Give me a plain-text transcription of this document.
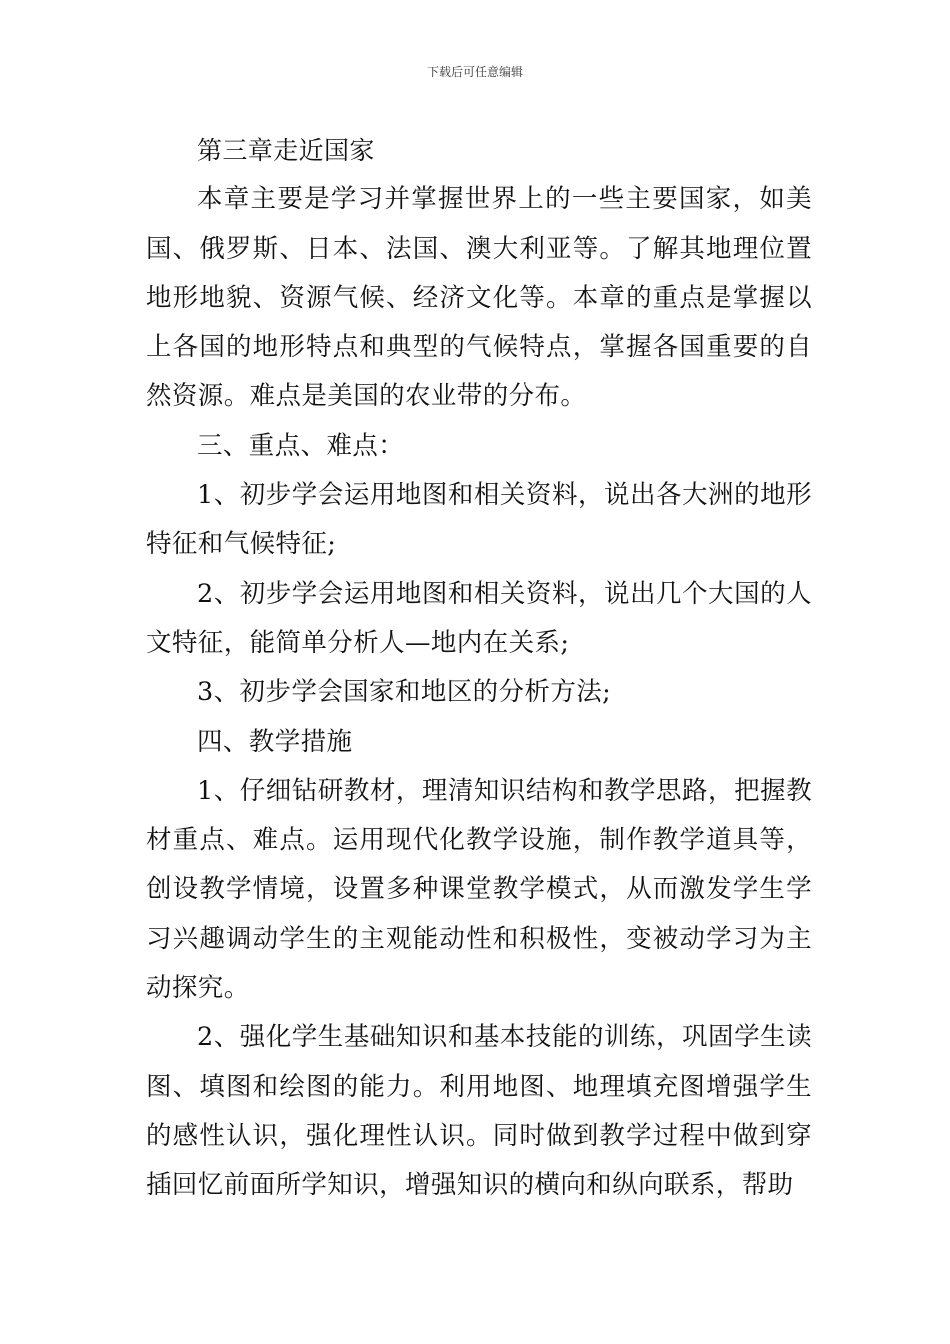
下载后可任意编辑

第三章走近国家

本章主要是学习并掌握世界上的一些主要国家，如美国、俄罗斯、日本、法国、澳大利亚等。了解其地理位置地形地貌、资源气候、经济文化等。本章的重点是掌握以上各国的地形特点和典型的气候特点，掌握各国重要的自然资源。难点是美国的农业带的分布。

三、重点、难点：

1、初步学会运用地图和相关资料，说出各大洲的地形特征和气候特征;

2、初步学会运用地图和相关资料，说出几个大国的人文特征，能简单分析人—地内在关系;

3、初步学会国家和地区的分析方法;

四、教学措施

1、仔细钻研教材，理清知识结构和教学思路，把握教材重点、难点。运用现代化教学设施，制作教学道具等，创设教学情境，设置多种课堂教学模式，从而激发学生学习兴趣调动学生的主观能动性和积极性，变被动学习为主动探究。

2、强化学生基础知识和基本技能的训练，巩固学生读图、填图和绘图的能力。利用地图、地理填充图增强学生的感性认识，强化理性认识。同时做到教学过程中做到穿插回忆前面所学知识，增强知识的横向和纵向联系，帮助
